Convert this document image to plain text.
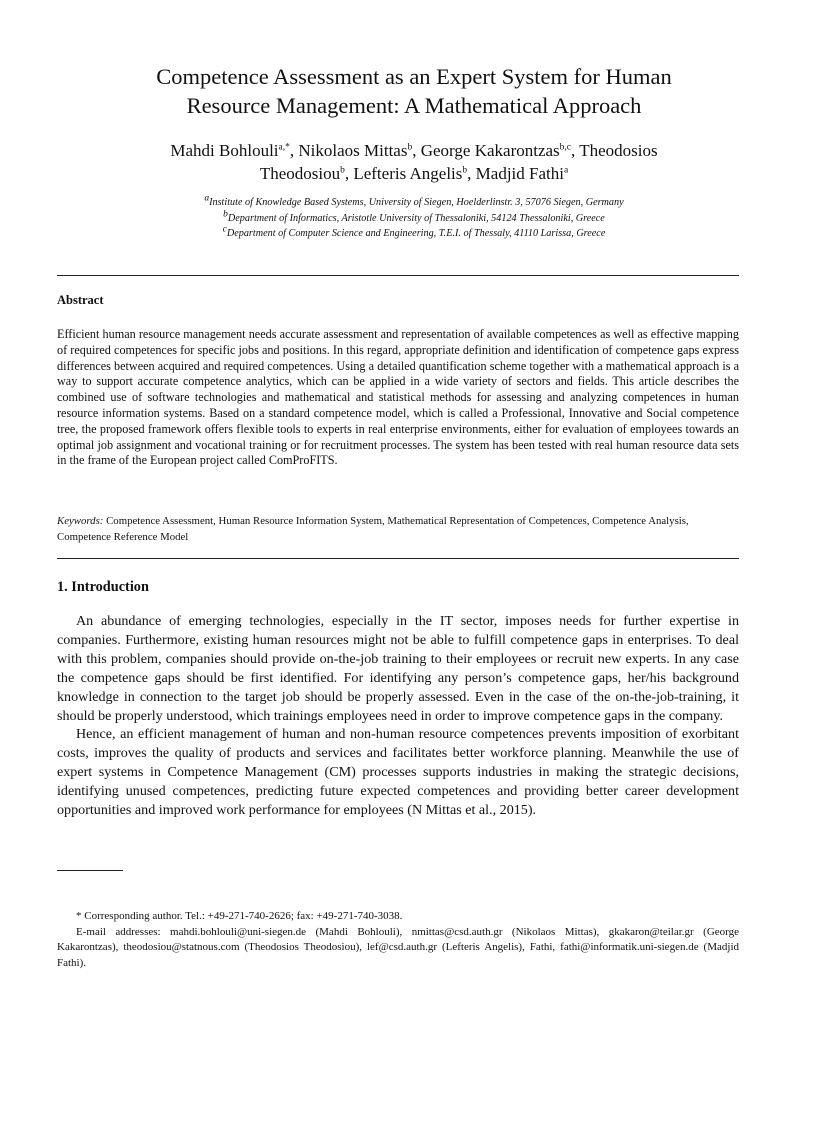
Competence Assessment as an Expert System for Human
Resource Management: A Mathematical Approach
Mahdi Bohlouli$^{a,*}$, Nikolaos Mittas$^b$, George Kakarontzas$^{b,c}$, Theodosios
Theodosiou$^b$, Lefteris Angelis$^b$, Madjid Fathi$^a$
$^a$Institute of Knowledge Based Systems, University of Siegen, Hoelderlinstr. 3, 57076 Siegen, Germany
$^b$Department of Informatics, Aristotle University of Thessaloniki, 54124 Thessaloniki, Greece
$^c$Department of Computer Science and Engineering, T.E.I. of Thessaly, 41110 Larissa, Greece
Abstract

Efficient human resource management needs accurate assessment and representation of available competences as well as effective mapping of required competences for specific jobs and positions. In this regard, appropriate definition and identification of competence gaps express differences between acquired and required competences. Using a detailed quantification scheme together with a mathematical approach is a way to support accurate competence analytics, which can be applied in a wide variety of sectors and fields. This article describes the combined use of software technologies and mathematical and statistical methods for assessing and analyzing competences in human resource information systems. Based on a standard competence model, which is called a Professional, Innovative and Social competence tree, the proposed framework offers flexible tools to experts in real enterprise environments, either for evaluation of employees towards an optimal job assignment and vocational training or for recruitment processes. The system has been tested with real human resource data sets in the frame of the European project called ComProFITS.

Keywords: Competence Assessment, Human Resource Information System, Mathematical Representation of Competences, Competence Analysis, Competence Reference Model

1. Introduction

An abundance of emerging technologies, especially in the IT sector, imposes needs for further expertise in companies. Furthermore, existing human resources might not be able to fulfill competence gaps in enterprises. To deal with this problem, companies should provide on-the-job training to their employees or recruit new experts. In any case the competence gaps should be first identified. For identifying any person’s competence gaps, her/his background knowledge in connection to the target job should be properly assessed. Even in the case of the on-the-job-training, it should be properly understood, which trainings employees need in order to improve competence gaps in the company.

Hence, an efficient management of human and non-human resource competences prevents imposition of exorbitant costs, improves the quality of products and services and facilitates better workforce planning. Meanwhile the use of expert systems in Competence Management (CM) processes supports industries in making the strategic decisions, identifying unused competences, predicting future expected competences and providing better career development opportunities and improved work performance for employees (N Mittas et al., 2015).

* Corresponding author. Tel.: +49-271-740-2626; fax: +49-271-740-3038.

E-mail addresses: mahdi.bohlouli@uni-siegen.de (Mahdi Bohlouli), nmittas@csd.auth.gr (Nikolaos Mittas), gkakaron@teilar.gr (George Kakarontzas), theodosiou@statnous.com (Theodosios Theodosiou), lef@csd.auth.gr (Lefteris Angelis), Fathi, fathi@informatik.uni-siegen.de (Madjid Fathi).
